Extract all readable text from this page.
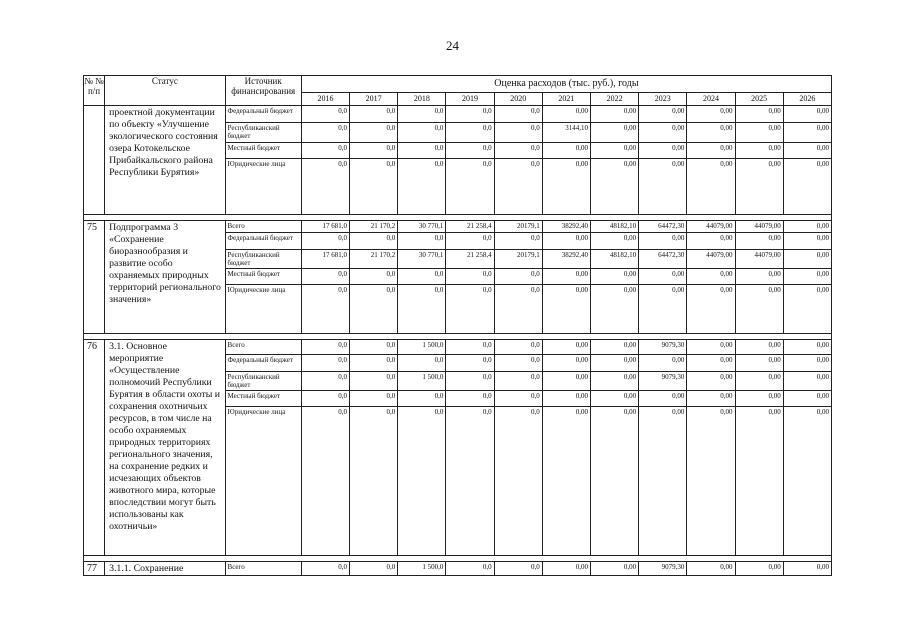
24
№ № п/п	Статус	Источник финансирования	Оценка расходов (тыс. руб.), годы										
			2016	2017	2018	2019	2020	2021	2022	2023	2024	2025	2026
	проектной документации по объекту «Улучшение экологического состояния озера Котокельское Прибайкальского района Республики Бурятия»	Федеральный бюджет	0,0	0,0	0,0	0,0	0,0	0,00	0,00	0,00	0,00	0,00	0,00
		Республиканский бюджет	0,0	0,0	0,0	0,0	0,0	3144,10	0,00	0,00	0,00	0,00	0,00
		Местный бюджет	0,0	0,0	0,0	0,0	0,0	0,00	0,00	0,00	0,00	0,00	0,00
		Юридические лица	0,0	0,0	0,0	0,0	0,0	0,00	0,00	0,00	0,00	0,00	0,00

75	Подпрограмма 3 «Сохранение биоразнообразия и развитие особо охраняемых природных территорий регионального значения»	Всего	17 681,0	21 170,2	30 770,1	21 258,4	20179,1	38292,40	48182,10	64472,30	44079,00	44079,00	0,00
		Федеральный бюджет	0,0	0,0	0,0	0,0	0,0	0,00	0,00	0,00	0,00	0,00	0,00
		Республиканский бюджет	17 681,0	21 170,2	30 770,1	21 258,4	20179,1	38292,40	48182,10	64472,30	44079,00	44079,00	0,00
		Местный бюджет	0,0	0,0	0,0	0,0	0,0	0,00	0,00	0,00	0,00	0,00	0,00
		Юридические лица	0,0	0,0	0,0	0,0	0,0	0,00	0,00	0,00	0,00	0,00	0,00

76	3.1. Основное мероприятие «Осуществление полномочий Республики Бурятия в области охоты и сохранения охотничьих ресурсов, в том числе на особо охраняемых природных территориях регионального значения, на сохранение редких и исчезающих объектов животного мира, которые впоследствии могут быть использованы как охотничьи»	Всего	0,0	0,0	1 500,0	0,0	0,0	0,00	0,00	9079,30	0,00	0,00	0,00
		Федеральный бюджет	0,0	0,0	0,0	0,0	0,0	0,00	0,00	0,00	0,00	0,00	0,00
		Республиканский бюджет	0,0	0,0	1 500,0	0,0	0,0	0,00	0,00	9079,30	0,00	0,00	0,00
		Местный бюджет	0,0	0,0	0,0	0,0	0,0	0,00	0,00	0,00	0,00	0,00	0,00
		Юридические лица	0,0	0,0	0,0	0,0	0,0	0,00	0,00	0,00	0,00	0,00	0,00

77	3.1.1. Сохранение	Всего	0,0	0,0	1 500,0	0,0	0,0	0,00	0,00	9079,30	0,00	0,00	0,00
